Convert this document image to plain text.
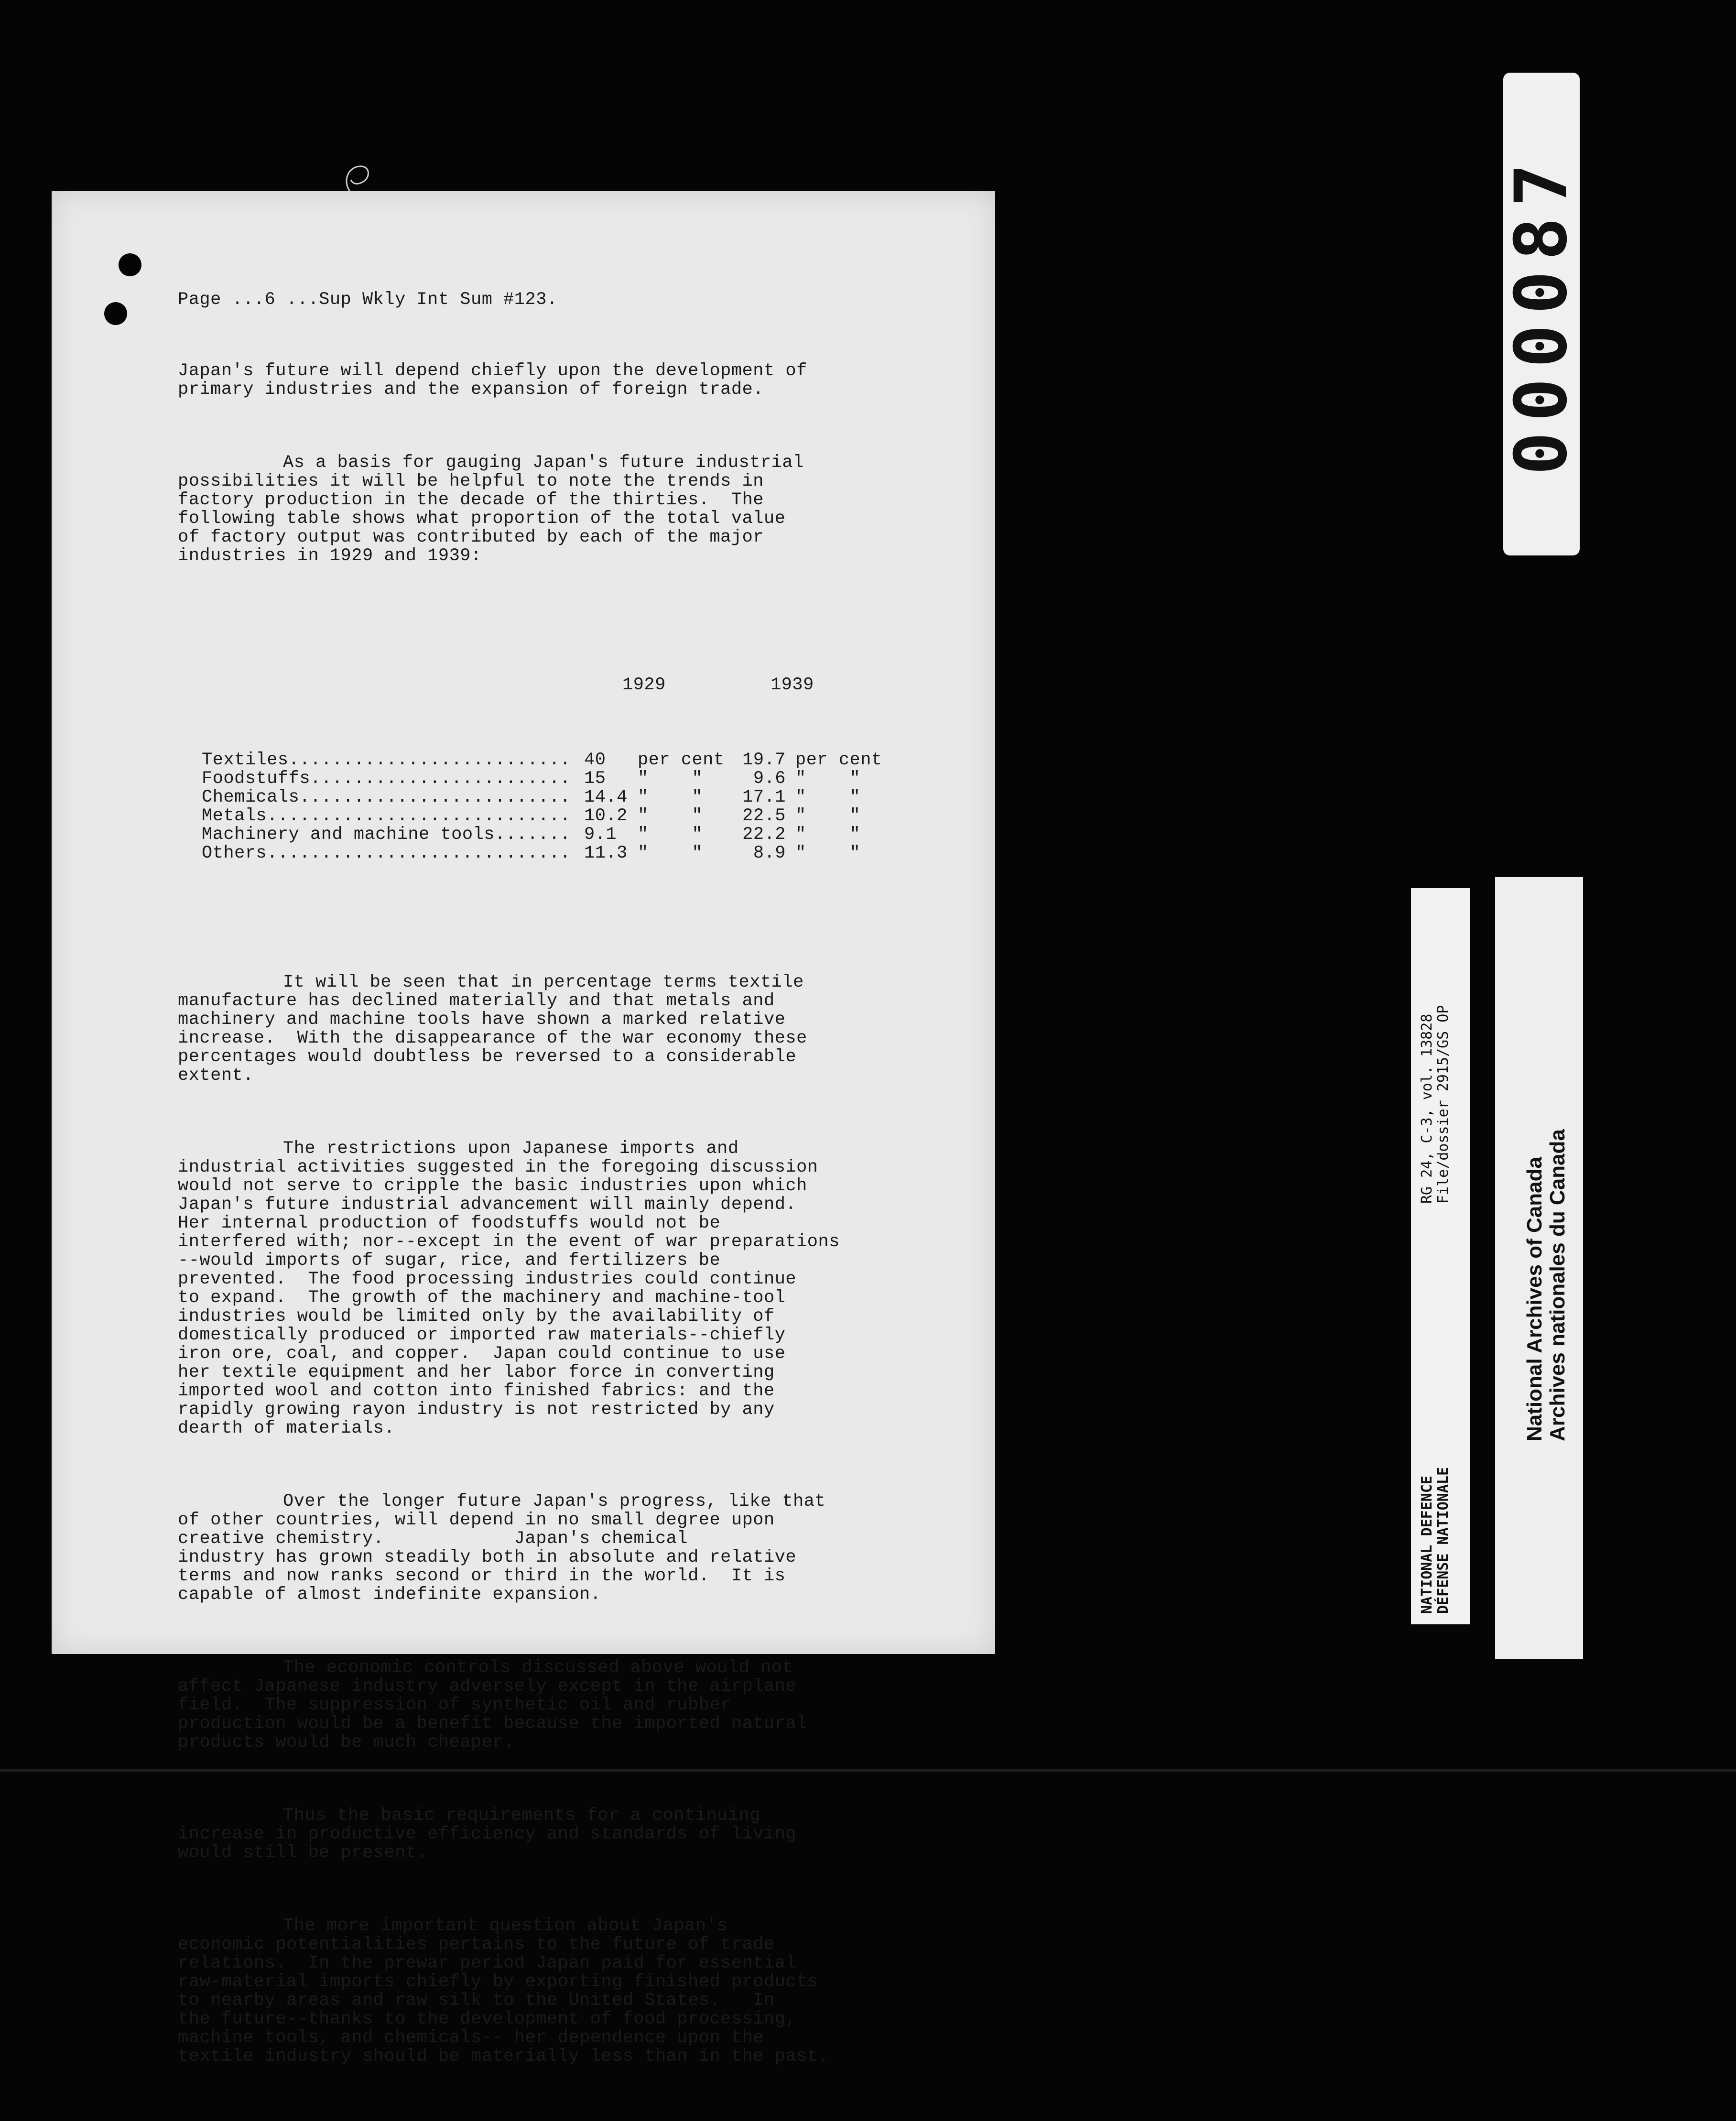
Page ...6 ...Sup Wkly Int Sum #123.

Japan's future will depend chiefly upon the development of
primary industries and the expansion of foreign trade.

As a basis for gauging Japan's future industrial
possibilities it will be helpful to note the trends in
factory production in the decade of the thirties.  The
following table shows what proportion of the total value
of factory output was contributed by each of the major
industries in 1929 and 1939:

1929	1939

Textiles.......................... 40	per cent	19.7 per cent
Foodstuffs........................ 15	"    "	9.6 "    "
Chemicals......................... 14.4 "    "	17.1 "    "
Metals............................ 10.2 "    "	22.5 "    "
Machinery and machine tools....... 9.1	"    "	22.2 "    "
Others............................ 11.3 "    "	8.9 "    "

It will be seen that in percentage terms textile
manufacture has declined materially and that metals and
machinery and machine tools have shown a marked relative
increase.  With the disappearance of the war economy these
percentages would doubtless be reversed to a considerable
extent.

The restrictions upon Japanese imports and
industrial activities suggested in the foregoing discussion
would not serve to cripple the basic industries upon which
Japan's future industrial advancement will mainly depend.
Her internal production of foodstuffs would not be
interfered with; nor--except in the event of war preparations
--would imports of sugar, rice, and fertilizers be
prevented.  The food processing industries could continue
to expand.  The growth of the machinery and machine-tool
industries would be limited only by the availability of
domestically produced or imported raw materials--chiefly
iron ore, coal, and copper.  Japan could continue to use
her textile equipment and her labor force in converting
imported wool and cotton into finished fabrics: and the
rapidly growing rayon industry is not restricted by any
dearth of materials.

Over the longer future Japan's progress, like that
of other countries, will depend in no small degree upon
creative chemistry.            Japan's chemical
industry has grown steadily both in absolute and relative
terms and now ranks second or third in the world.  It is
capable of almost indefinite expansion.

The economic controls discussed above would not
affect Japanese industry adversely except in the airplane
field.  The suppression of synthetic oil and rubber
production would be a benefit because the imported natural
products would be much cheaper.

Thus the basic requirements for a continuing
increase in productive efficiency and standards of living
would still be present.

The more important question about Japan's
economic potentialities pertains to the future of trade
relations.  In the prewar period Japan paid for essential
raw-material imports chiefly by exporting finished products
to nearby areas and raw silk to the United States.   In
the future--thanks to the development of food processing,
machine tools, and chemicals-- her dependence upon the
textile industry should be materially less than in the past.

000087
NATIONAL DEFENCE DÉFENSE NATIONALE
RG 24, C-3, vol. 13828 File/dossier 2915/GS OP
National Archives of Canada Archives nationales du Canada
